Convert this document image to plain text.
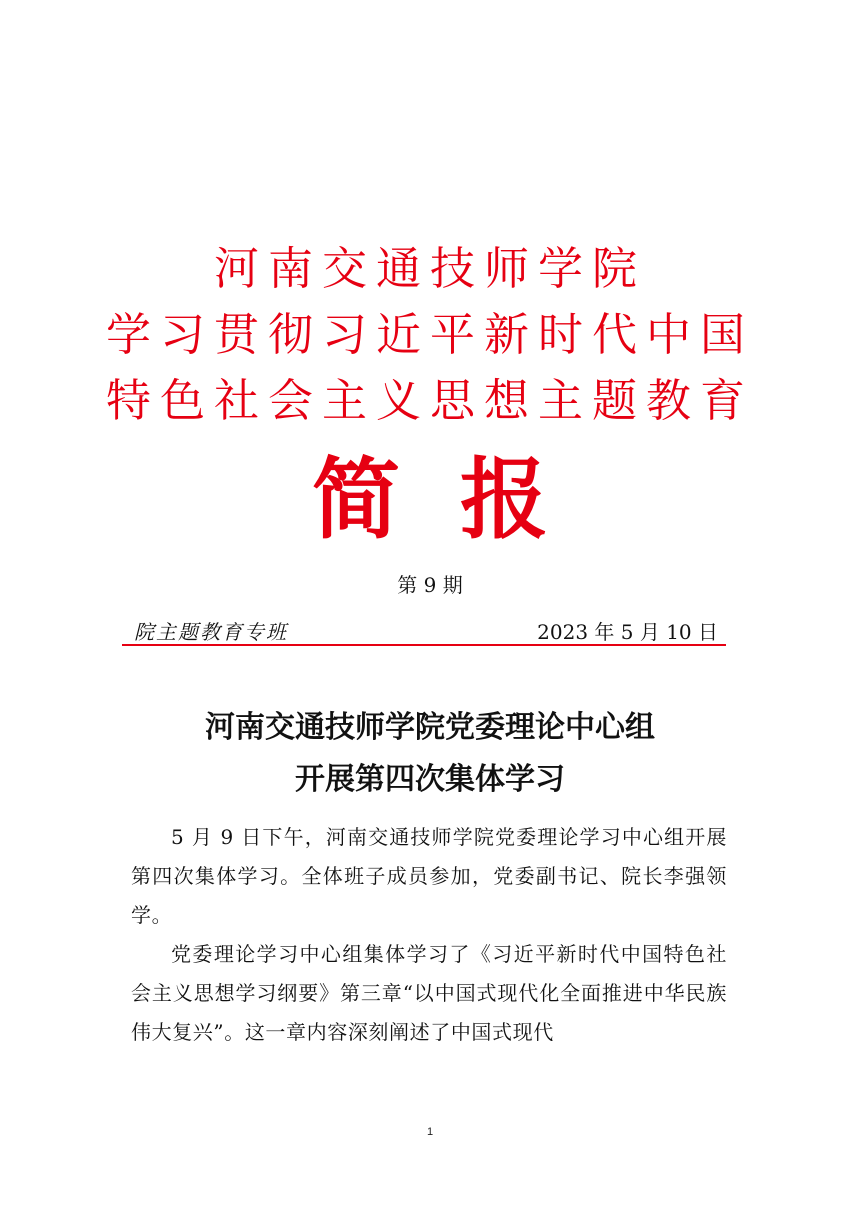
河南交通技师学院
学习贯彻习近平新时代中国
特色社会主义思想主题教育
简 报
第 9 期
院主题教育专班	2023 年 5 月 10 日
河南交通技师学院党委理论中心组
开展第四次集体学习

5 月 9 日下午，河南交通技师学院党委理论学习中心组开展第四次集体学习。全体班子成员参加，党委副书记、院长李强领学。

党委理论学习中心组集体学习了《习近平新时代中国特色社会主义思想学习纲要》第三章“以中国式现代化全面推进中华民族伟大复兴”。这一章内容深刻阐述了中国式现代

1
